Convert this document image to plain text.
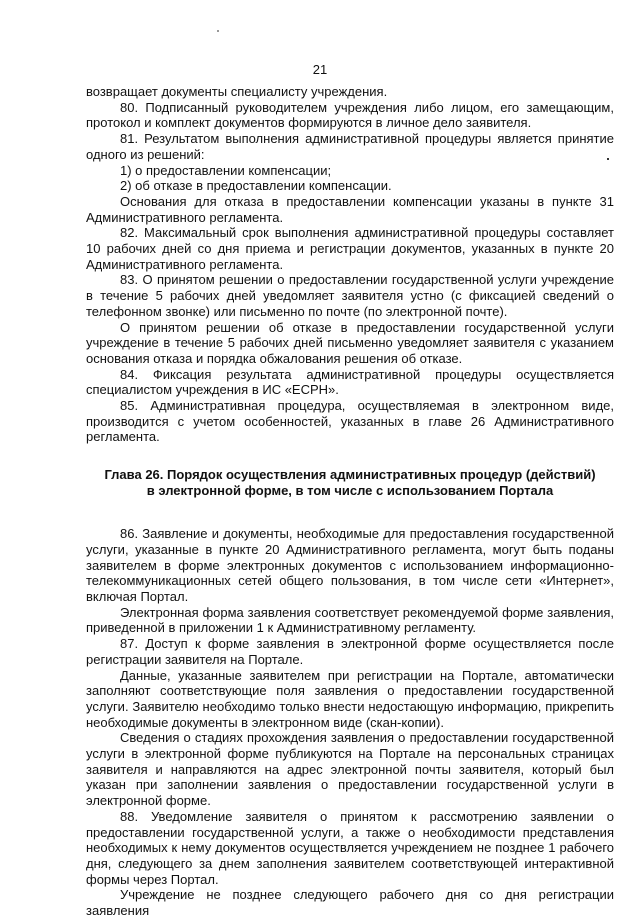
21

возвращает документы специалисту учреждения.

80. Подписанный руководителем учреждения либо лицом, его замещающим, протокол и комплект документов формируются в личное дело заявителя.

81. Результатом выполнения административной процедуры является принятие одного из решений:

1) о предоставлении компенсации;

2) об отказе в предоставлении компенсации.

Основания для отказа в предоставлении компенсации указаны в пункте 31 Административного регламента.

82. Максимальный срок выполнения административной процедуры составляет 10 рабочих дней со дня приема и регистрации документов, указанных в пункте 20 Административного регламента.

83. О принятом решении о предоставлении государственной услуги учреждение в течение 5 рабочих дней уведомляет заявителя устно (с фиксацией сведений о телефонном звонке) или письменно по почте (по электронной почте).

О принятом решении об отказе в предоставлении государственной услуги учреждение в течение 5 рабочих дней письменно уведомляет заявителя с указанием основания отказа и порядка обжалования решения об отказе.

84. Фиксация результата административной процедуры осуществляется специалистом учреждения в ИС «ЕСРН».

85. Административная процедура, осуществляемая в электронном виде, производится с учетом особенностей, указанных в главе 26 Административного регламента.

Глава 26. Порядок осуществления административных процедур (действий)
в электронной форме, в том числе с использованием Портала

86. Заявление и документы, необходимые для предоставления государственной услуги, указанные в пункте 20 Административного регламента, могут быть поданы заявителем в форме электронных документов с использованием информационно-телекоммуникационных сетей общего пользования, в том числе сети «Интернет», включая Портал.

Электронная форма заявления соответствует рекомендуемой форме заявления, приведенной в приложении 1 к Административному регламенту.

87. Доступ к форме заявления в электронной форме осуществляется после регистрации заявителя на Портале.

Данные, указанные заявителем при регистрации на Портале, автоматически заполняют соответствующие поля заявления о предоставлении государственной услуги. Заявителю необходимо только внести недостающую информацию, прикрепить необходимые документы в электронном виде (скан-копии).

Сведения о стадиях прохождения заявления о предоставлении государственной услуги в электронной форме публикуются на Портале на персональных страницах заявителя и направляются на адрес электронной почты заявителя, который был указан при заполнении заявления о предоставлении государственной услуги в электронной форме.

88. Уведомление заявителя о принятом к рассмотрению заявлении о предоставлении государственной услуги, а также о необходимости представления необходимых к нему документов осуществляется учреждением не позднее 1 рабочего дня, следующего за днем заполнения заявителем соответствующей интерактивной формы через Портал.

Учреждение не позднее следующего рабочего дня со дня регистрации заявления
